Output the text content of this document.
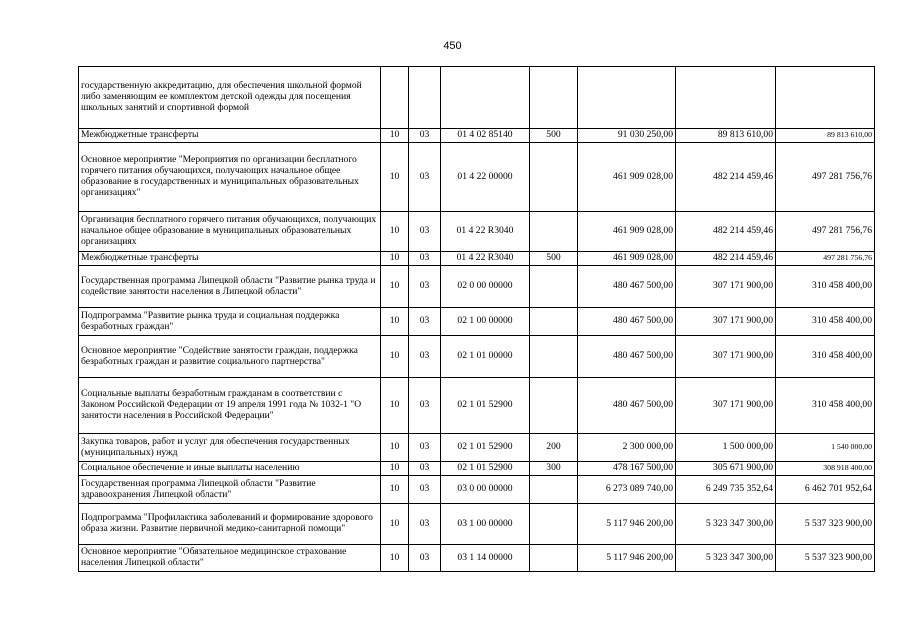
450
государственную аккредитацию, для обеспечения школьной формой либо заменяющим ее комплектом детской одежды для посещения школьных занятий и спортивной формой							
Межбюджетные трансферты	10	03	01 4 02 85140	500	91 030 250,00	89 813 610,00	89 813 610,00
Основное мероприятие "Мероприятия по организации бесплатного горячего питания обучающихся, получающих начальное общее образование в государственных и муниципальных образовательных организациях"	10	03	01 4 22 00000		461 909 028,00	482 214 459,46	497 281 756,76
Организация бесплатного горячего питания обучающихся, получающих начальное общее образование в муниципальных образовательных организациях	10	03	01 4 22 R3040		461 909 028,00	482 214 459,46	497 281 756,76
Межбюджетные трансферты	10	03	01 4 22 R3040	500	461 909 028,00	482 214 459,46	497 281 756,76
Государственная программа Липецкой области "Развитие рынка труда и содействие занятости населения в Липецкой области"	10	03	02 0 00 00000		480 467 500,00	307 171 900,00	310 458 400,00
Подпрограмма "Развитие рынка труда и социальная поддержка безработных граждан"	10	03	02 1 00 00000		480 467 500,00	307 171 900,00	310 458 400,00
Основное мероприятие "Содействие занятости граждан, поддержка безработных граждан и развитие социального партнерства"	10	03	02 1 01 00000		480 467 500,00	307 171 900,00	310 458 400,00
Социальные выплаты безработным гражданам в соответствии с Законом Российской Федерации от 19 апреля 1991 года № 1032-1 "О занятости населения в Российской Федерации"	10	03	02 1 01 52900		480 467 500,00	307 171 900,00	310 458 400,00
Закупка товаров, работ и услуг для обеспечения государственных (муниципальных) нужд	10	03	02 1 01 52900	200	2 300 000,00	1 500 000,00	1 540 000,00
Социальное обеспечение и иные выплаты населению	10	03	02 1 01 52900	300	478 167 500,00	305 671 900,00	308 918 400,00
Государственная программа Липецкой области "Развитие здравоохранения Липецкой области"	10	03	03 0 00 00000		6 273 089 740,00	6 249 735 352,64	6 462 701 952,64
Подпрограмма "Профилактика заболеваний и формирование здорового образа жизни. Развитие первичной медико-санитарной помощи"	10	03	03 1 00 00000		5 117 946 200,00	5 323 347 300,00	5 537 323 900,00
Основное мероприятие "Обязательное медицинское страхование населения Липецкой области"	10	03	03 1 14 00000		5 117 946 200,00	5 323 347 300,00	5 537 323 900,00
